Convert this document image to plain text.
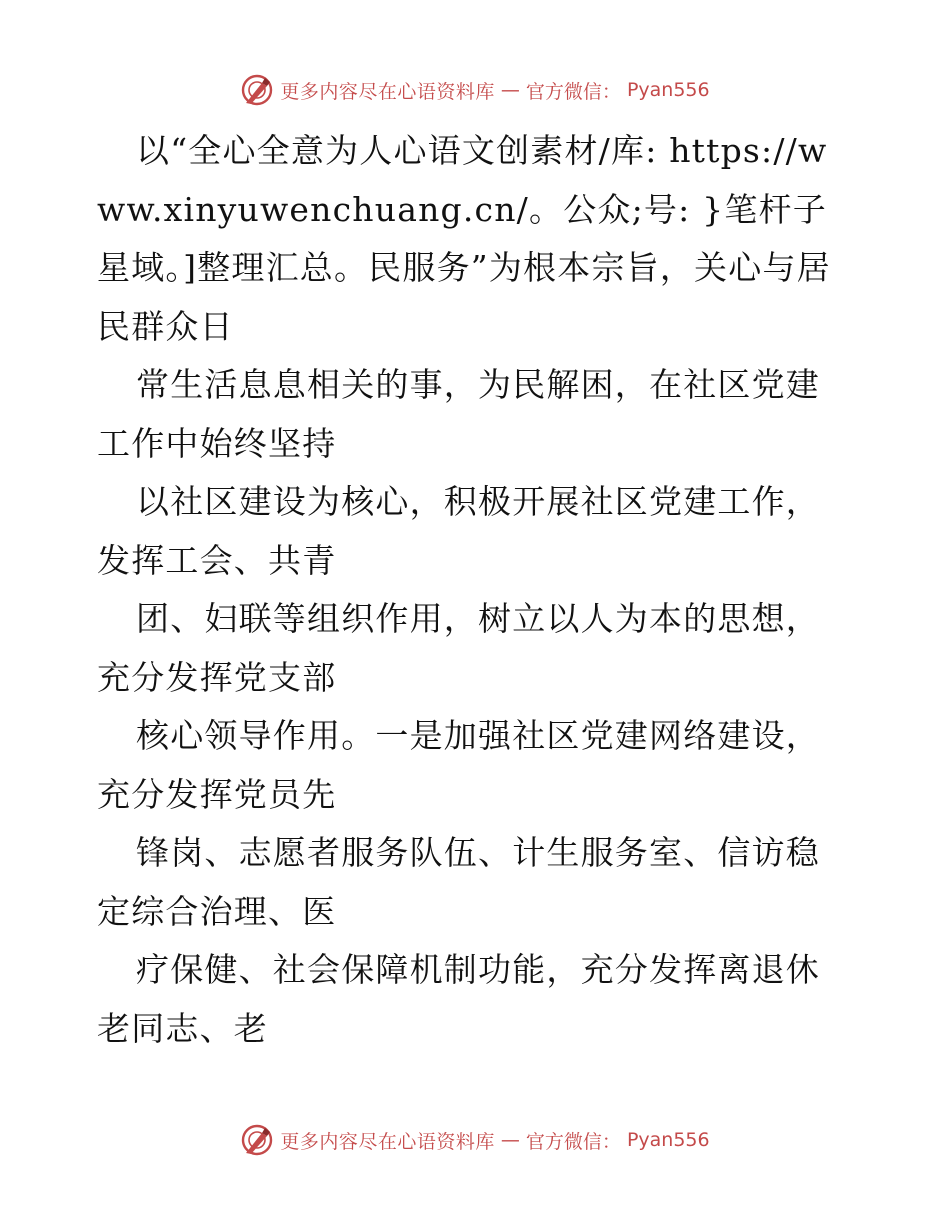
更多内容尽在心语资料库 — 官方微信： Pyan556

以“全心全意为人心语文创素材/库: https://www.xinyuwenchuang.cn/。公众;号: }笔杆子星域。]整理汇总。民服务”为根本宗旨，关心与居民群众日

常生活息息相关的事，为民解困，在社区党建工作中始终坚持

以社区建设为核心，积极开展社区党建工作，发挥工会、共青

团、妇联等组织作用，树立以人为本的思想，充分发挥党支部

核心领导作用。一是加强社区党建网络建设，充分发挥党员先

锋岗、志愿者服务队伍、计生服务室、信访稳定综合治理、医

疗保健、社会保障机制功能，充分发挥离退休老同志、老

更多内容尽在心语资料库 — 官方微信： Pyan556
